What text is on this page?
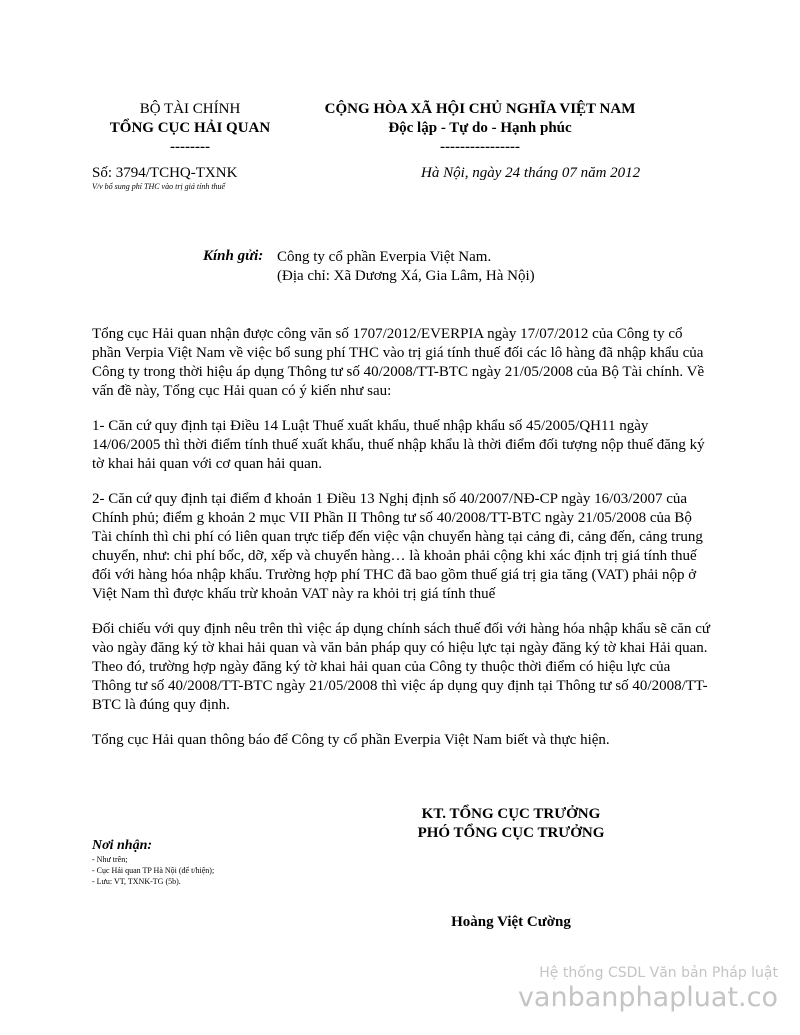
BỘ TÀI CHÍNH
TỔNG CỤC HẢI QUAN
--------
CỘNG HÒA XÃ HỘI CHỦ NGHĨA VIỆT NAM
Độc lập - Tự do - Hạnh phúc
----------------
Số: 3794/TCHQ-TXNK
V/v bổ sung phí THC vào trị giá tính thuế
Hà Nội, ngày 24 tháng 07 năm 2012
Kính gửi: Công ty cổ phần Everpia Việt Nam.
(Địa chỉ: Xã Dương Xá, Gia Lâm, Hà Nội)

Tổng cục Hải quan nhận được công văn số 1707/2012/EVERPIA ngày 17/07/2012 của Công ty cổ phần Verpia Việt Nam về việc bổ sung phí THC vào trị giá tính thuế đối các lô hàng đã nhập khẩu của Công ty trong thời hiệu áp dụng Thông tư số 40/2008/TT-BTC ngày 21/05/2008 của Bộ Tài chính. Về vấn đề này, Tổng cục Hải quan có ý kiến như sau:

1- Căn cứ quy định tại Điều 14 Luật Thuế xuất khẩu, thuế nhập khẩu số 45/2005/QH11 ngày 14/06/2005 thì thời điểm tính thuế xuất khẩu, thuế nhập khẩu là thời điểm đối tượng nộp thuế đăng ký tờ khai hải quan với cơ quan hải quan.

2- Căn cứ quy định tại điểm đ khoản 1 Điều 13 Nghị định số 40/2007/NĐ-CP ngày 16/03/2007 của Chính phủ; điểm g khoản 2 mục VII Phần II Thông tư số 40/2008/TT-BTC ngày 21/05/2008 của Bộ Tài chính thì chi phí có liên quan trực tiếp đến việc vận chuyển hàng tại cảng đi, cảng đến, cảng trung chuyển, như: chi phí bốc, dỡ, xếp và chuyển hàng… là khoản phải cộng khi xác định trị giá tính thuế đối với hàng hóa nhập khẩu. Trường hợp phí THC đã bao gồm thuế giá trị gia tăng (VAT) phải nộp ở Việt Nam thì được khấu trừ khoản VAT này ra khỏi trị giá tính thuế

Đối chiếu với quy định nêu trên thì việc áp dụng chính sách thuế đối với hàng hóa nhập khẩu sẽ căn cứ vào ngày đăng ký tờ khai hải quan và văn bản pháp quy có hiệu lực tại ngày đăng ký tờ khai Hải quan. Theo đó, trường hợp ngày đăng ký tờ khai hải quan của Công ty thuộc thời điểm có hiệu lực của Thông tư số 40/2008/TT-BTC ngày 21/05/2008 thì việc áp dụng quy định tại Thông tư số 40/2008/TT-BTC là đúng quy định.

Tổng cục Hải quan thông báo để Công ty cổ phần Everpia Việt Nam biết và thực hiện.

KT. TỔNG CỤC TRƯỞNG
PHÓ TỔNG CỤC TRƯỞNG
Hoàng Việt Cường
Nơi nhận:
- Như trên;
- Cục Hải quan TP Hà Nội (để t/hiện);
- Lưu: VT, TXNK-TG (5b).
Hệ thống CSDL Văn bản Pháp luật
vanbanphapluat.co
